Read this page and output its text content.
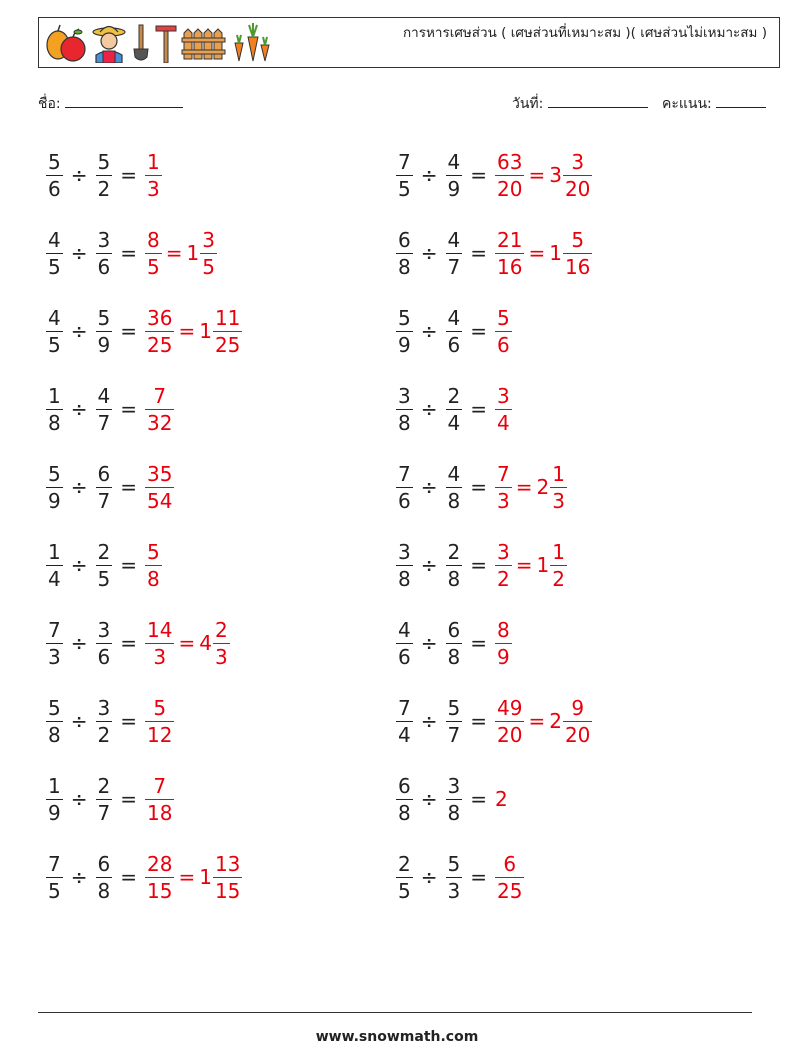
การหารเศษส่วน ( เศษส่วนที่เหมาะสม )( เศษส่วนไม่เหมาะสม )
ชื่อ:	วันที่:	คะแนน:
$\frac{5}{6} \div \frac{5}{2} = \frac{1}{3}$	$\frac{7}{5} \div \frac{4}{9} = \frac{63}{20} = 3 \frac{3}{20}$
$\frac{4}{5} \div \frac{3}{6} = \frac{8}{5} = 1 \frac{3}{5}$	$\frac{6}{8} \div \frac{4}{7} = \frac{21}{16} = 1 \frac{5}{16}$
$\frac{4}{5} \div \frac{5}{9} = \frac{36}{25} = 1 \frac{11}{25}$	$\frac{5}{9} \div \frac{4}{6} = \frac{5}{6}$
$\frac{1}{8} \div \frac{4}{7} = \frac{7}{32}$	$\frac{3}{8} \div \frac{2}{4} = \frac{3}{4}$
$\frac{5}{9} \div \frac{6}{7} = \frac{35}{54}$	$\frac{7}{6} \div \frac{4}{8} = \frac{7}{3} = 2 \frac{1}{3}$
$\frac{1}{4} \div \frac{2}{5} = \frac{5}{8}$	$\frac{3}{8} \div \frac{2}{8} = \frac{3}{2} = 1 \frac{1}{2}$
$\frac{7}{3} \div \frac{3}{6} = \frac{14}{3} = 4 \frac{2}{3}$	$\frac{4}{6} \div \frac{6}{8} = \frac{8}{9}$
$\frac{5}{8} \div \frac{3}{2} = \frac{5}{12}$	$\frac{7}{4} \div \frac{5}{7} = \frac{49}{20} = 2 \frac{9}{20}$
$\frac{1}{9} \div \frac{2}{7} = \frac{7}{18}$	$\frac{6}{8} \div \frac{3}{8} = 2$
$\frac{7}{5} \div \frac{6}{8} = \frac{28}{15} = 1 \frac{13}{15}$	$\frac{2}{5} \div \frac{5}{3} = \frac{6}{25}$
www.snowmath.com
